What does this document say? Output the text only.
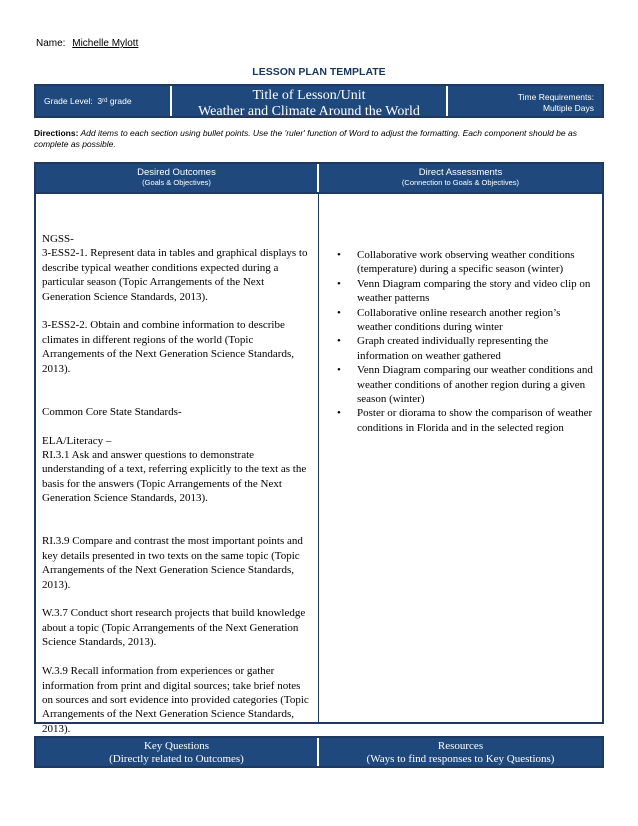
Name: Michelle Mylott
LESSON PLAN TEMPLATE
Grade Level:
3 rd
grade	Title of Lesson/Unit
Weather and Climate Around the World
Time Requirements:
Multiple Days
Directions: Add items to each section using bullet points. Use the 'ruler' function of Word to adjust the formatting. Each component should be as complete as possible.
Desired Outcomes
(Goals & Objectives)
Direct Assessments
(Connection to Goals & Objectives)

NGSS-

3-ESS2-1. Represent data in tables and graphical displays to describe typical weather conditions expected during a particular season (Topic Arrangements of the Next Generation Science Standards, 2013).

3-ESS2-2. Obtain and combine information to describe climates in different regions of the world (Topic Arrangements of the Next Generation Science Standards, 2013).

Common Core State Standards-

ELA/Literacy –

RI.3.1 Ask and answer questions to demonstrate understanding of a text, referring explicitly to the text as the basis for the answers (Topic Arrangements of the Next Generation Science Standards, 2013).

RI.3.9 Compare and contrast the most important points and key details presented in two texts on the same topic (Topic Arrangements of the Next Generation Science Standards, 2013).

W.3.7 Conduct short research projects that build knowledge about a topic (Topic Arrangements of the Next Generation Science Standards, 2013).

W.3.9 Recall information from experiences or gather information from print and digital sources; take brief notes on sources and sort evidence into provided categories (Topic Arrangements of the Next Generation Science Standards, 2013).

• Collaborative work observing weather conditions (temperature) during a specific season (winter)
• Venn Diagram comparing the story and video clip on weather patterns
• Collaborative online research another region’s weather conditions during winter
• Graph created individually representing the information on weather gathered
• Venn Diagram comparing our weather conditions and weather conditions of another region during a given season (winter)
• Poster or diorama to show the comparison of weather conditions in Florida and in the selected region
Key Questions
(Directly related to Outcomes)
Resources
(Ways to find responses to Key Questions)
